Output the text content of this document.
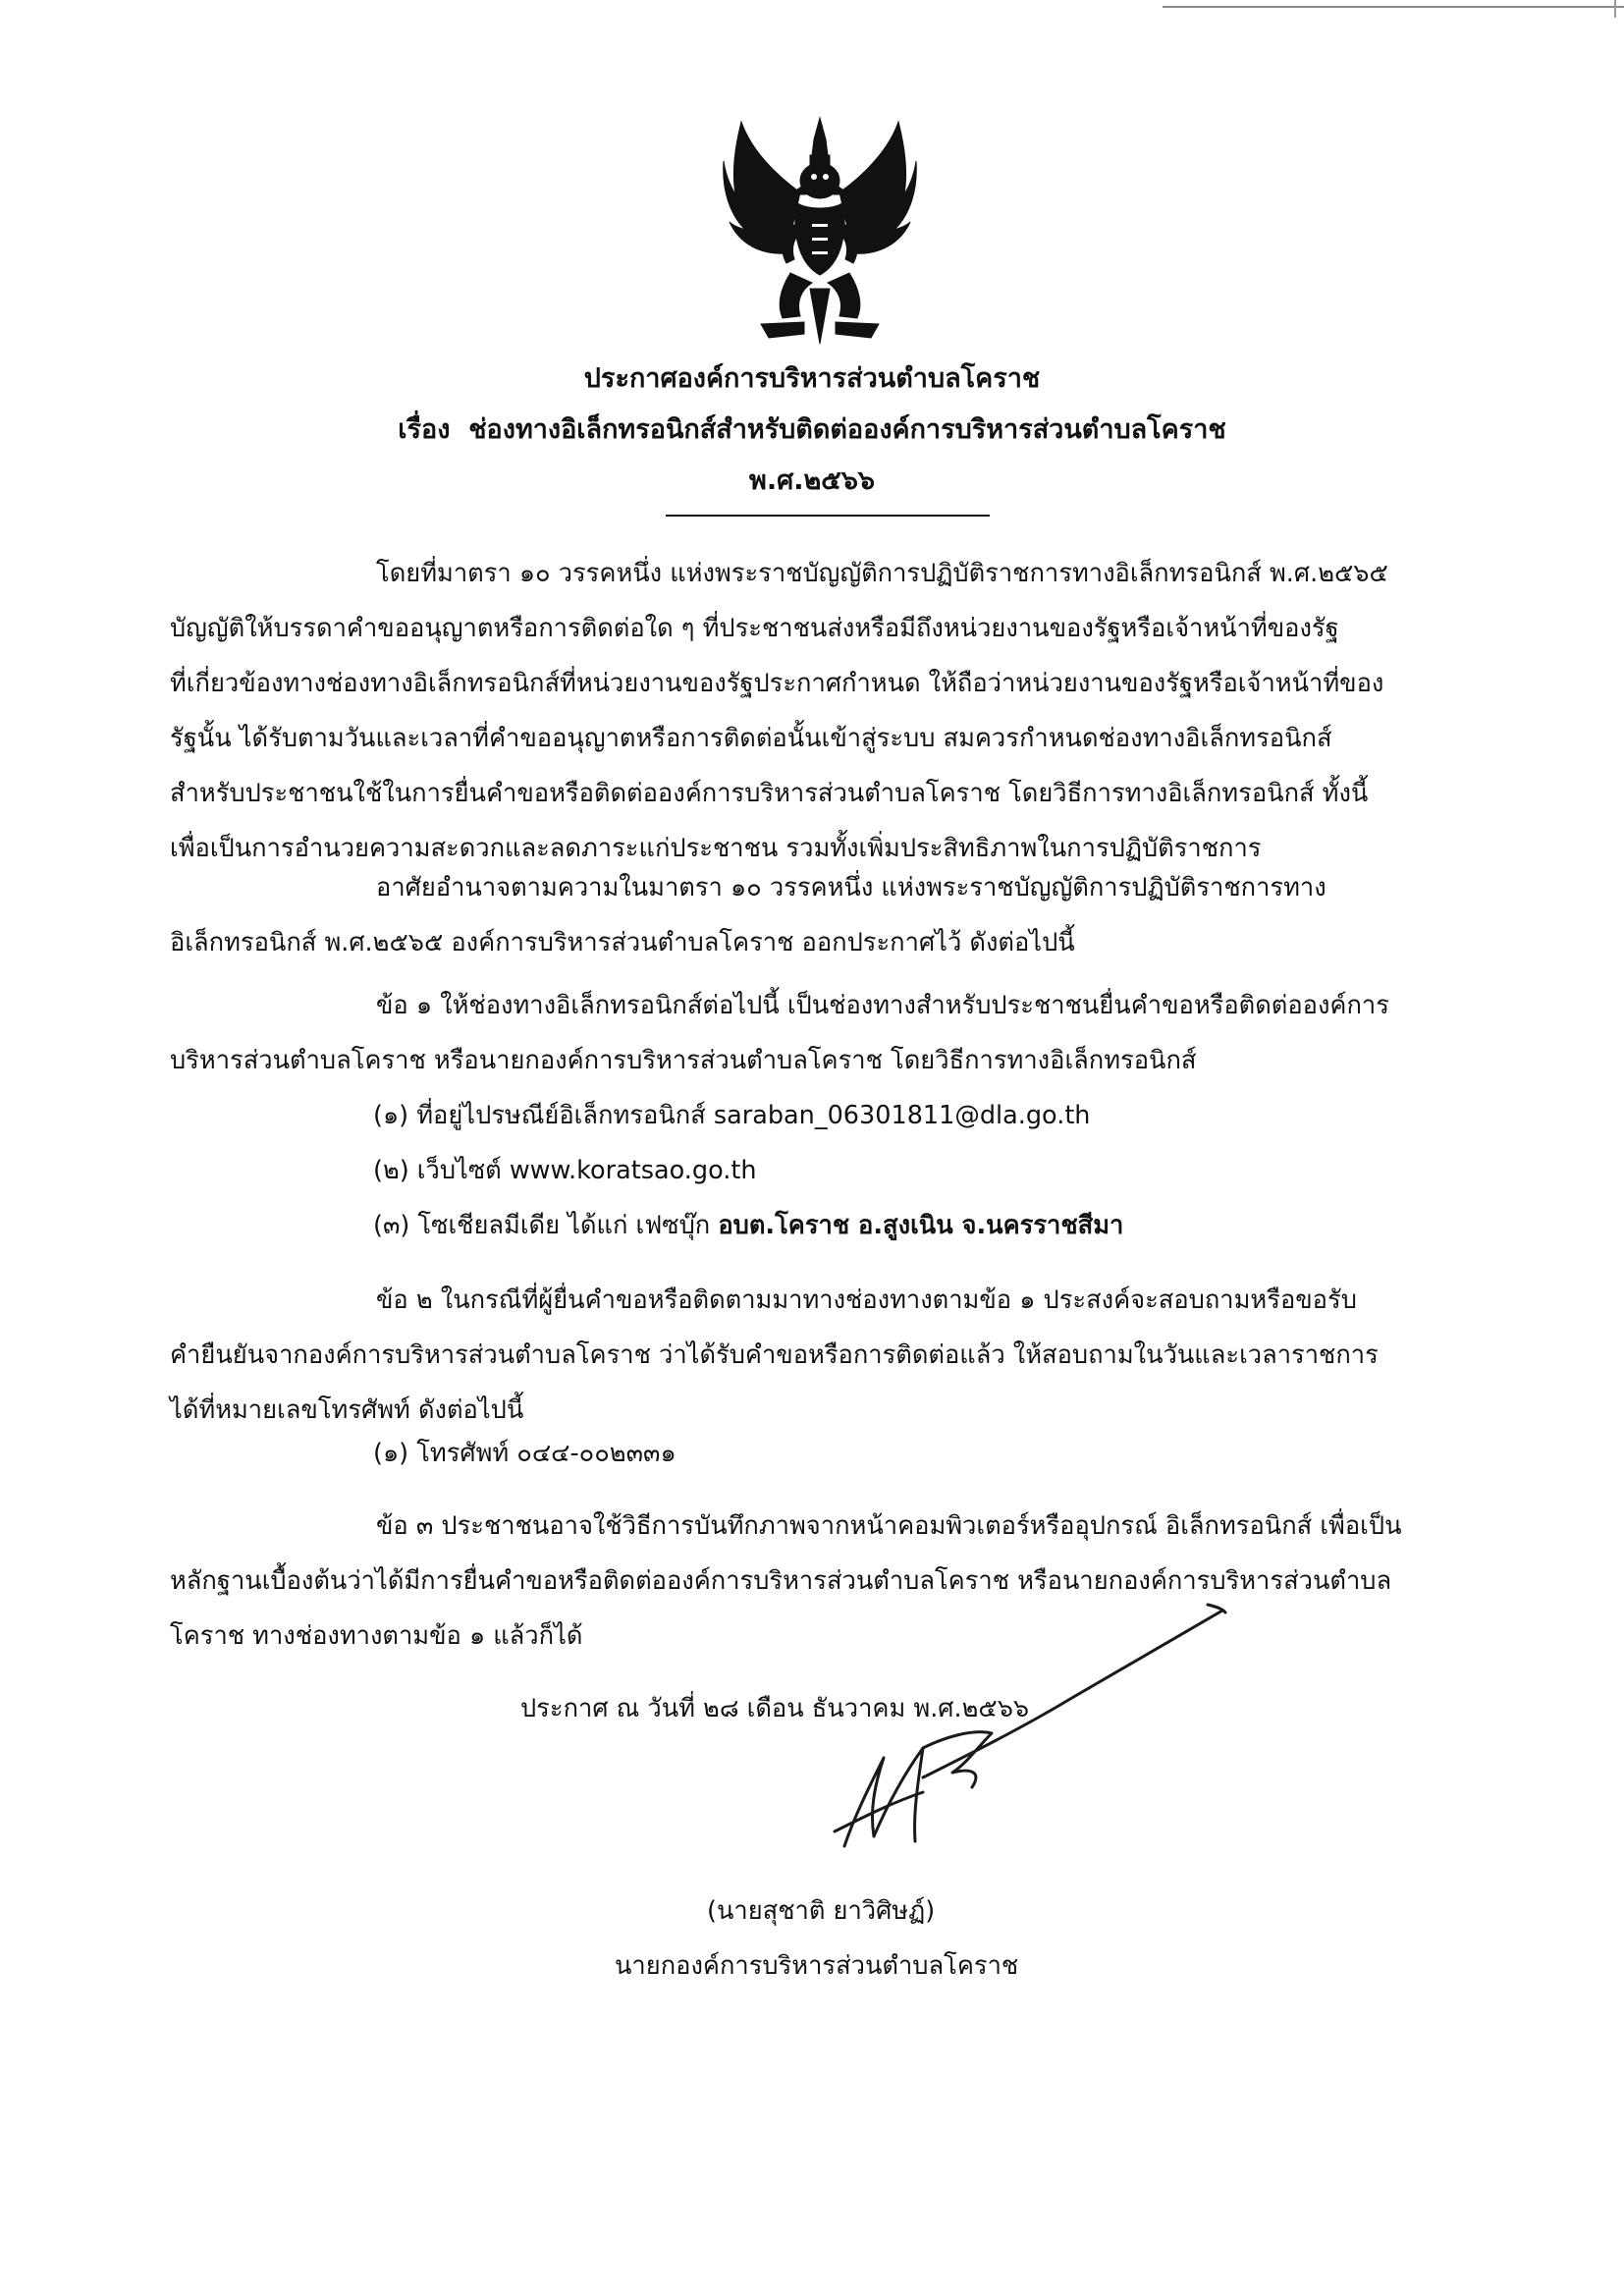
ประกาศองค์การบริหารส่วนตำบลโคราช
เรื่อง ช่องทางอิเล็กทรอนิกส์สำหรับติดต่อองค์การบริหารส่วนตำบลโคราช
พ.ศ.๒๕๖๖
โดยที่มาตรา ๑๐ วรรคหนึ่ง แห่งพระราชบัญญัติการปฏิบัติราชการทางอิเล็กทรอนิกส์ พ.ศ.๒๕๖๕
บัญญัติให้บรรดาคำขออนุญาตหรือการติดต่อใด ๆ ที่ประชาชนส่งหรือมีถึงหน่วยงานของรัฐหรือเจ้าหน้าที่ของรัฐ
ที่เกี่ยวข้องทางช่องทางอิเล็กทรอนิกส์ที่หน่วยงานของรัฐประกาศกำหนด ให้ถือว่าหน่วยงานของรัฐหรือเจ้าหน้าที่ของ
รัฐนั้น ได้รับตามวันและเวลาที่คำขออนุญาตหรือการติดต่อนั้นเข้าสู่ระบบ สมควรกำหนดช่องทางอิเล็กทรอนิกส์
สำหรับประชาชนใช้ในการยื่นคำขอหรือติดต่อองค์การบริหารส่วนตำบลโคราช โดยวิธีการทางอิเล็กทรอนิกส์ ทั้งนี้
เพื่อเป็นการอำนวยความสะดวกและลดภาระแก่ประชาชน รวมทั้งเพิ่มประสิทธิภาพในการปฏิบัติราชการ
อาศัยอำนาจตามความในมาตรา ๑๐ วรรคหนึ่ง แห่งพระราชบัญญัติการปฏิบัติราชการทาง
อิเล็กทรอนิกส์ พ.ศ.๒๕๖๕ องค์การบริหารส่วนตำบลโคราช ออกประกาศไว้ ดังต่อไปนี้
ข้อ ๑ ให้ช่องทางอิเล็กทรอนิกส์ต่อไปนี้ เป็นช่องทางสำหรับประชาชนยื่นคำขอหรือติดต่อองค์การ
บริหารส่วนตำบลโคราช หรือนายกองค์การบริหารส่วนตำบลโคราช โดยวิธีการทางอิเล็กทรอนิกส์
(๑) ที่อยู่ไปรษณีย์อิเล็กทรอนิกส์ saraban_06301811@dla.go.th
(๒) เว็บไซต์ www.koratsao.go.th
(๓) โซเชียลมีเดีย ได้แก่ เฟซบุ๊ก อบต.โคราช อ.สูงเนิน จ.นครราชสีมา
ข้อ ๒ ในกรณีที่ผู้ยื่นคำขอหรือติดตามมาทางช่องทางตามข้อ ๑ ประสงค์จะสอบถามหรือขอรับ
คำยืนยันจากองค์การบริหารส่วนตำบลโคราช ว่าได้รับคำขอหรือการติดต่อแล้ว ให้สอบถามในวันและเวลาราชการ
ได้ที่หมายเลขโทรศัพท์ ดังต่อไปนี้
(๑) โทรศัพท์ ๐๔๔-๐๐๒๓๓๑
ข้อ ๓ ประชาชนอาจใช้วิธีการบันทึกภาพจากหน้าคอมพิวเตอร์หรืออุปกรณ์ อิเล็กทรอนิกส์ เพื่อเป็น
หลักฐานเบื้องต้นว่าได้มีการยื่นคำขอหรือติดต่อองค์การบริหารส่วนตำบลโคราช หรือนายกองค์การบริหารส่วนตำบล
โคราช ทางช่องทางตามข้อ ๑ แล้วก็ได้
ประกาศ ณ วันที่ ๒๘ เดือน ธันวาคม พ.ศ.๒๕๖๖
(นายสุชาติ ยาวิศิษฏ์)
นายกองค์การบริหารส่วนตำบลโคราช
